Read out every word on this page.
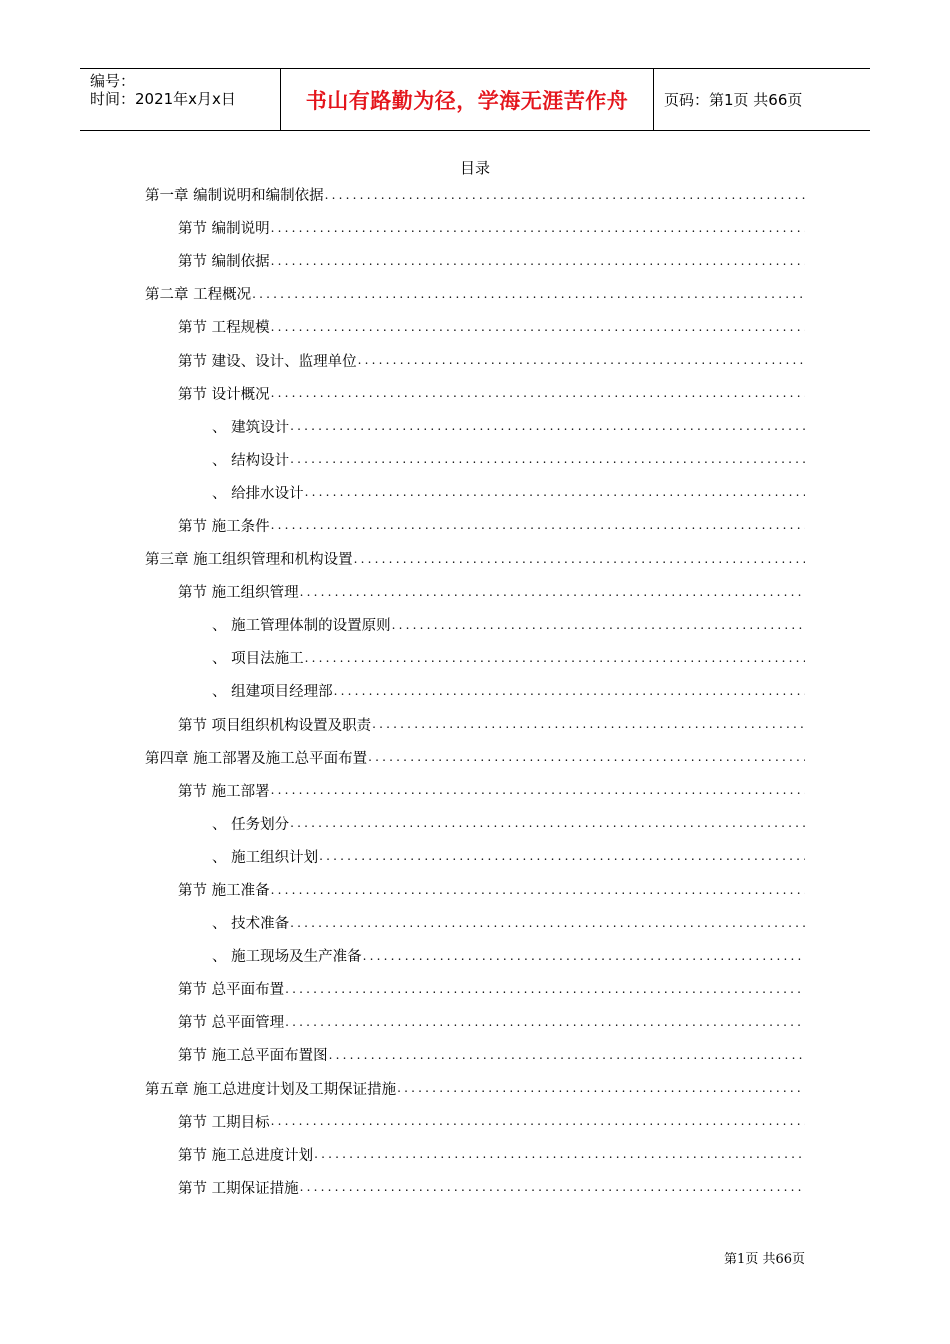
编号：
时间：2021年x月x日	书山有路勤为径，学海无涯苦作舟 页码：第1页 共66页
目录
第一章 编制说明和编制依据
.....
第节 编制说明
.....
第节 编制依据
.....
第二章 工程概况
.....
第节 工程规模
.....
第节 建设、设计、监理单位
.....
第节 设计概况
.....
、 建筑设计
.....
、 结构设计
.....
、 给排水设计
.....
第节 施工条件
.....
第三章 施工组织管理和机构设置
.....
第节 施工组织管理
.....
、 施工管理体制的设置原则
.....
、 项目法施工
.....
、 组建项目经理部
.....
第节 项目组织机构设置及职责
.....
第四章 施工部署及施工总平面布置
.....
第节 施工部署
.....
、 任务划分
.....
、 施工组织计划
.....
第节 施工准备
.....
、 技术准备
.....
、 施工现场及生产准备
.....
第节 总平面布置
.....
第节 总平面管理
.....
第节 施工总平面布置图
.....
第五章 施工总进度计划及工期保证措施
.....
第节 工期目标
.....
第节 施工总进度计划
.....
第节 工期保证措施
.....
第1页 共66页
